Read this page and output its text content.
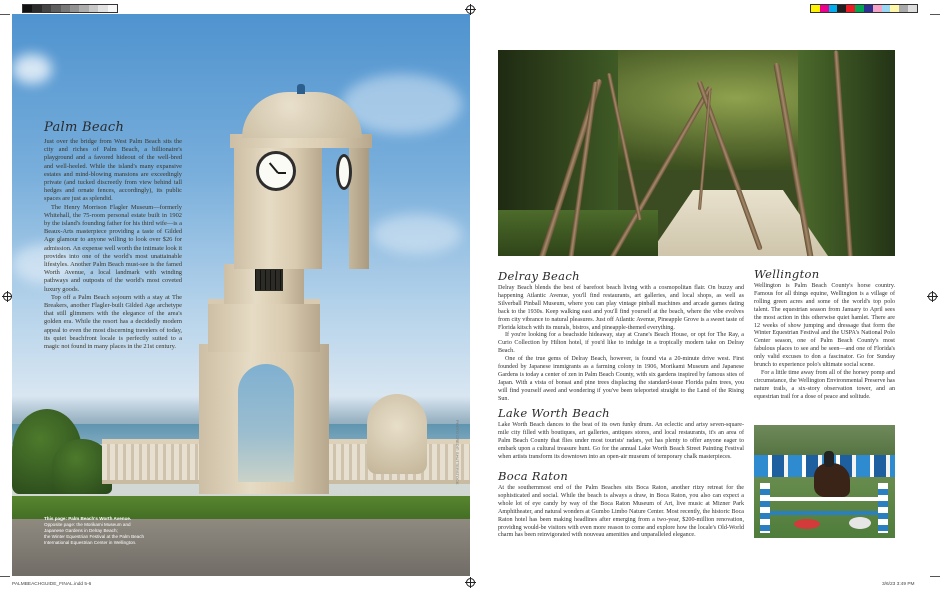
Palm Beach

Just over the bridge from West Palm Beach sits the city and riches of Palm Beach, a billionaire's playground and a favored hideout of the well-bred and well-heeled. While the island's many expansive estates and mind-blowing mansions are exceedingly private (and tucked discreetly from view behind tall hedges and ornate fences, accordingly), its public spaces are just as splendid.

The Henry Morrison Flagler Museum—formerly Whitehall, the 75-room personal estate built in 1902 by the island's founding father for his third wife—is a Beaux-Arts masterpiece providing a taste of Gilded Age glamour to anyone willing to look over $26 for admission. An expense well worth the intimate look it provides into one of the world's most unattainable lifestyles. Another Palm Beach must-see is the famed Worth Avenue, a local landmark with winding pathways and outposts of the world's most coveted luxury goods.

Top off a Palm Beach sojourn with a stay at The Breakers, another Flagler-built Gilded Age archetype that still glimmers with the elegance of the area's golden era. While the resort has a decidedly modern appeal to even the most discerning travelers of today, its quiet beachfront locale is perfectly suited to a magic not found in many places in the 21st century.

This page: Palm Beach's Worth Avenue.
Opposite page: the Morikami Museum and
Japanese Gardens in Delray Beach;
the Winter Equestrian Festival at the Palm Beach
International Equestrian Center in Wellington.
PHOTO CREDIT: SHUTTERSTOCK
Delray Beach

Delray Beach blends the best of barefoot beach living with a cosmopolitan flair. On buzzy and happening Atlantic Avenue, you'll find restaurants, art galleries, and local shops, as well as Silverball Pinball Museum, where you can play vintage pinball machines and arcade games dating back to the 1930s. Keep walking east and you'll find yourself at the beach, where the vibe evolves from city vibrance to natural pleasures. Just off Atlantic Avenue, Pineapple Grove is a sweet taste of Florida kitsch with its murals, bistros, and pineapple-themed everything.

If you're looking for a beachside hideaway, stay at Crane's Beach House, or opt for The Ray, a Curio Collection by Hilton hotel, if you'd like to indulge in a tropically modern take on Delray Beach.

One of the true gems of Delray Beach, however, is found via a 20-minute drive west. First founded by Japanese immigrants as a farming colony in 1906, Morikami Museum and Japanese Gardens is today a center of zen in Palm Beach County, with six gardens inspired by famous sites of Japan. With a vista of bonsai and pine trees displacing the standard-issue Florida palm trees, you will find yourself awed and wondering if you've been teleported straight to the Land of the Rising Sun.

Lake Worth Beach

Lake Worth Beach dances to the beat of its own funky drum. An eclectic and artsy seven-square-mile city filled with boutiques, art galleries, antiques stores, and local restaurants, it's an area of Palm Beach County that flies under most tourists' radars, yet has plenty to offer anyone eager to embark upon a cultural treasure hunt. Go for the annual Lake Worth Beach Street Painting Festival when artists transform its downtown into an open-air museum of temporary chalk masterpieces.

Boca Raton

At the southernmost end of the Palm Beaches sits Boca Raton, another ritzy retreat for the sophisticated and social. While the beach is always a draw, in Boca Raton, you also can expect a whole lot of eye candy by way of the Boca Raton Museum of Art, live music at Mizner Park Amphitheater, and natural wonders at Gumbo Limbo Nature Center. Most recently, the historic Boca Raton hotel has been making headlines after emerging from a two-year, $200-million renovation, providing would-be visitors with even more reason to come and explore how the locale's Old-World charm has been reinvigorated with nouveau amenities and unparalleled elegance.

Wellington

Wellington is Palm Beach County's horse country. Famous for all things equine, Wellington is a village of rolling green acres and some of the world's top polo talent. The equestrian season from January to April sees the most action in this otherwise quiet hamlet. There are 12 weeks of show jumping and dressage that form the Winter Equestrian Festival and the USPA's National Polo Center season, one of Palm Beach County's most fabulous places to see and be seen—and one of Florida's only valid excuses to don a fascinator. Go for Sunday brunch to experience polo's ultimate social scene.

For a little time away from all of the horsey pomp and circumstance, the Wellington Environmental Preserve has nature trails, a six-story observation tower, and an equestrian trail for a dose of peace and solitude.

PALMBEACHGUIDE_FINAL.indd 5-6	3/6/23 3:49 PM
